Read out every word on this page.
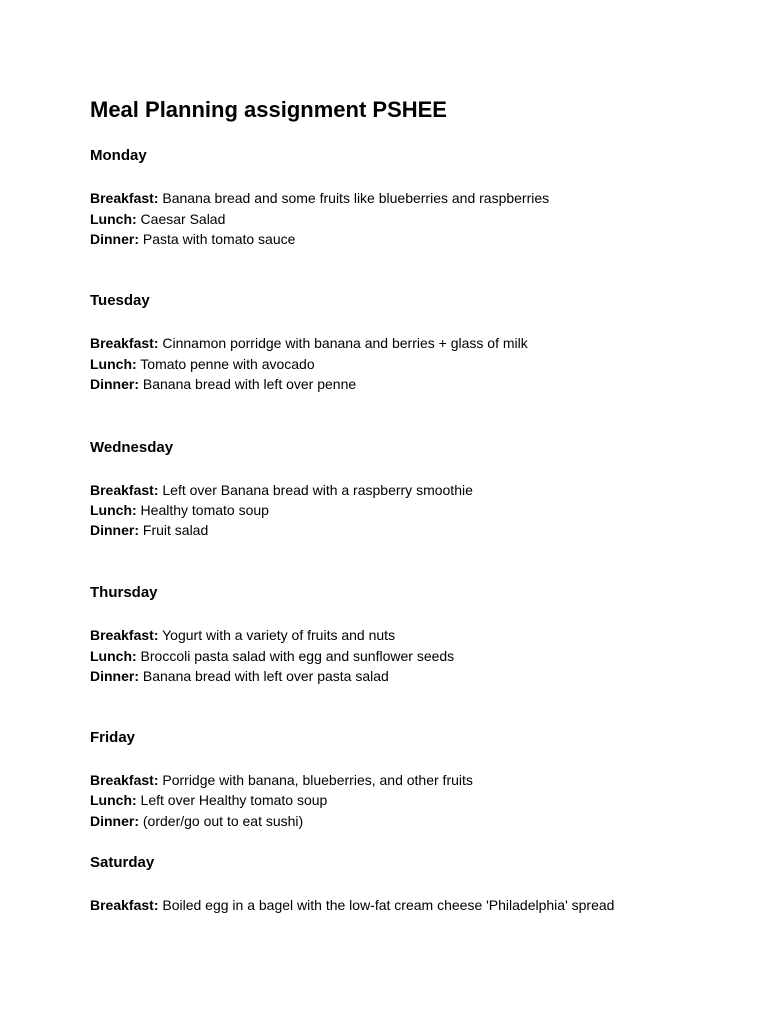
Meal Planning assignment PSHEE
Monday
Breakfast: Banana bread and some fruits like blueberries and raspberries
Lunch: Caesar Salad
Dinner: Pasta with tomato sauce
Tuesday
Breakfast: Cinnamon porridge with banana and berries + glass of milk
Lunch: Tomato penne with avocado
Dinner: Banana bread with left over penne
Wednesday
Breakfast: Left over Banana bread with a raspberry smoothie
Lunch: Healthy tomato soup
Dinner: Fruit salad
Thursday
Breakfast: Yogurt with a variety of fruits and nuts
Lunch: Broccoli pasta salad with egg and sunflower seeds
Dinner: Banana bread with left over pasta salad
Friday
Breakfast: Porridge with banana, blueberries, and other fruits
Lunch: Left over Healthy tomato soup
Dinner: (order/go out to eat sushi)
Saturday
Breakfast: Boiled egg in a bagel with the low-fat cream cheese 'Philadelphia' spread
